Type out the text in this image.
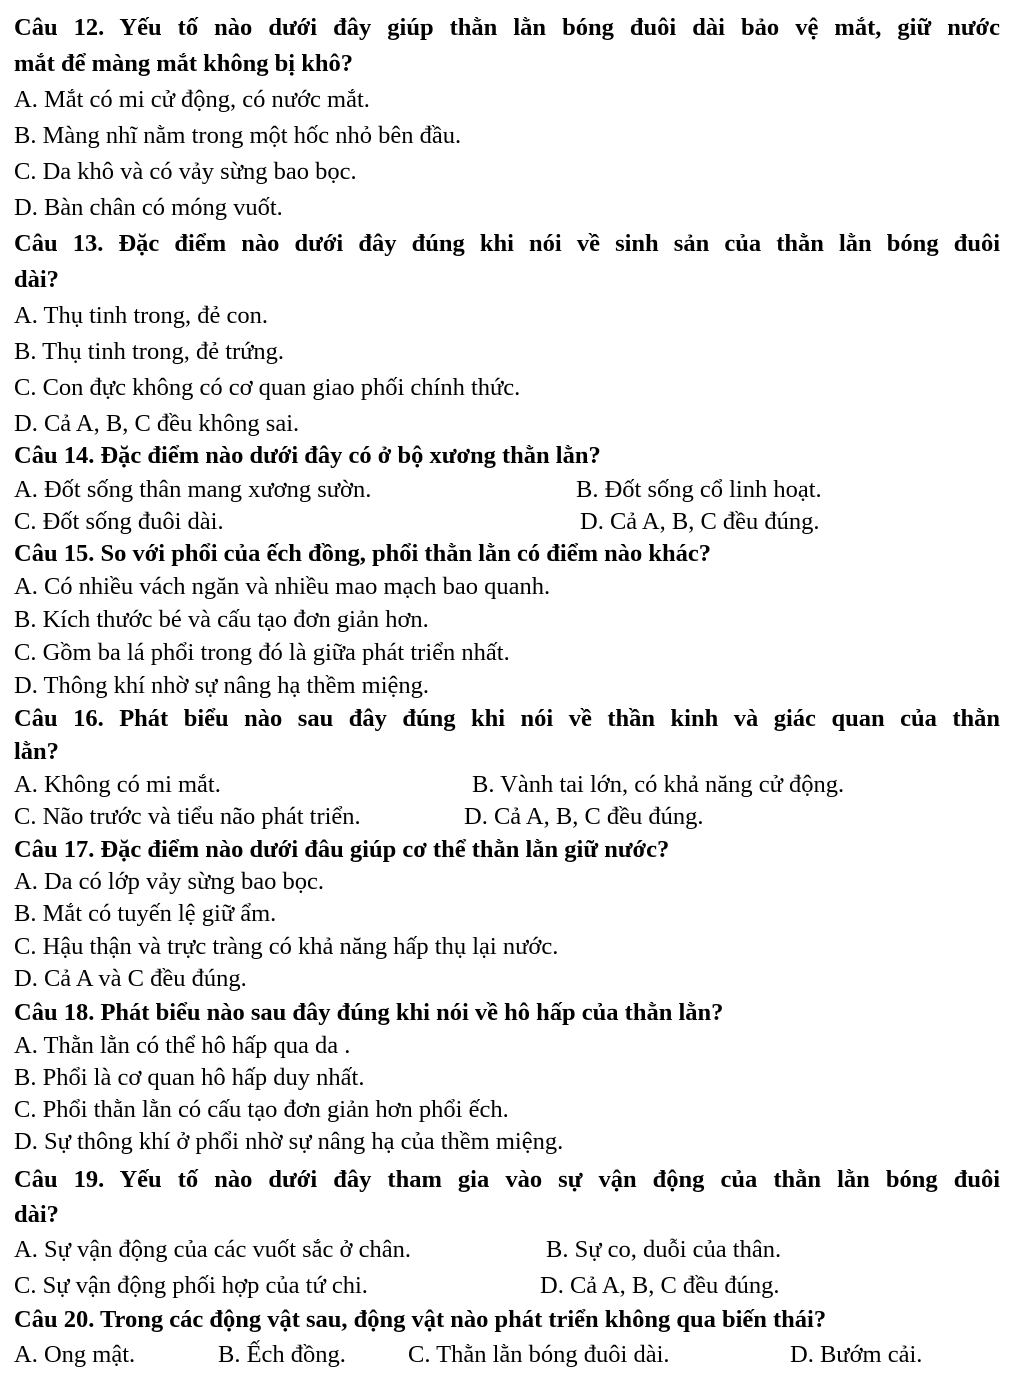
Câu 12. Yếu tố nào dưới đây giúp thằn lằn bóng đuôi dài bảo vệ mắt, giữ nước
mắt để màng mắt không bị khô?
A. Mắt có mi cử động, có nước mắt.
B. Màng nhĩ nằm trong một hốc nhỏ bên đầu.
C. Da khô và có vảy sừng bao bọc.
D. Bàn chân có móng vuốt.
Câu 13. Đặc điểm nào dưới đây đúng khi nói về sinh sản của thằn lằn bóng đuôi
dài?
A. Thụ tinh trong, đẻ con.
B. Thụ tinh trong, đẻ trứng.
C. Con đực không có cơ quan giao phối chính thức.
D. Cả A, B, C đều không sai.
Câu 14. Đặc điểm nào dưới đây có ở bộ xương thằn lằn?
A. Đốt sống thân mang xương sườn.	B. Đốt sống cổ linh hoạt.
C. Đốt sống đuôi dài.	D. Cả A, B, C đều đúng.
Câu 15. So với phổi của ếch đồng, phổi thằn lằn có điểm nào khác?
A. Có nhiều vách ngăn và nhiều mao mạch bao quanh.
B. Kích thước bé và cấu tạo đơn giản hơn.
C. Gồm ba lá phổi trong đó là giữa phát triển nhất.
D. Thông khí nhờ sự nâng hạ thềm miệng.
Câu 16. Phát biểu nào sau đây đúng khi nói về thần kinh và giác quan của thằn
lằn?
A. Không có mi mắt.	B. Vành tai lớn, có khả năng cử động.
C. Não trước và tiểu não phát triển.	D. Cả A, B, C đều đúng.
Câu 17. Đặc điểm nào dưới đâu giúp cơ thể thằn lằn giữ nước?
A. Da có lớp vảy sừng bao bọc.
B. Mắt có tuyến lệ giữ ẩm.
C. Hậu thận và trực tràng có khả năng hấp thụ lại nước.
D. Cả A và C đều đúng.
Câu 18. Phát biểu nào sau đây đúng khi nói về hô hấp của thằn lằn?
A. Thằn lằn có thể hô hấp qua da .
B. Phổi là cơ quan hô hấp duy nhất.
C. Phổi thằn lằn có cấu tạo đơn giản hơn phổi ếch.
D. Sự thông khí ở phổi nhờ sự nâng hạ của thềm miệng.
Câu 19. Yếu tố nào dưới đây tham gia vào sự vận động của thằn lằn bóng đuôi
dài?
A. Sự vận động của các vuốt sắc ở chân.	B. Sự co, duỗi của thân.
C. Sự vận động phối hợp của tứ chi.	D. Cả A, B, C đều đúng.
Câu 20. Trong các động vật sau, động vật nào phát triển không qua biến thái?
A. Ong mật.	B. Ếch đồng.	C. Thằn lằn bóng đuôi dài.	D. Bướm cải.
